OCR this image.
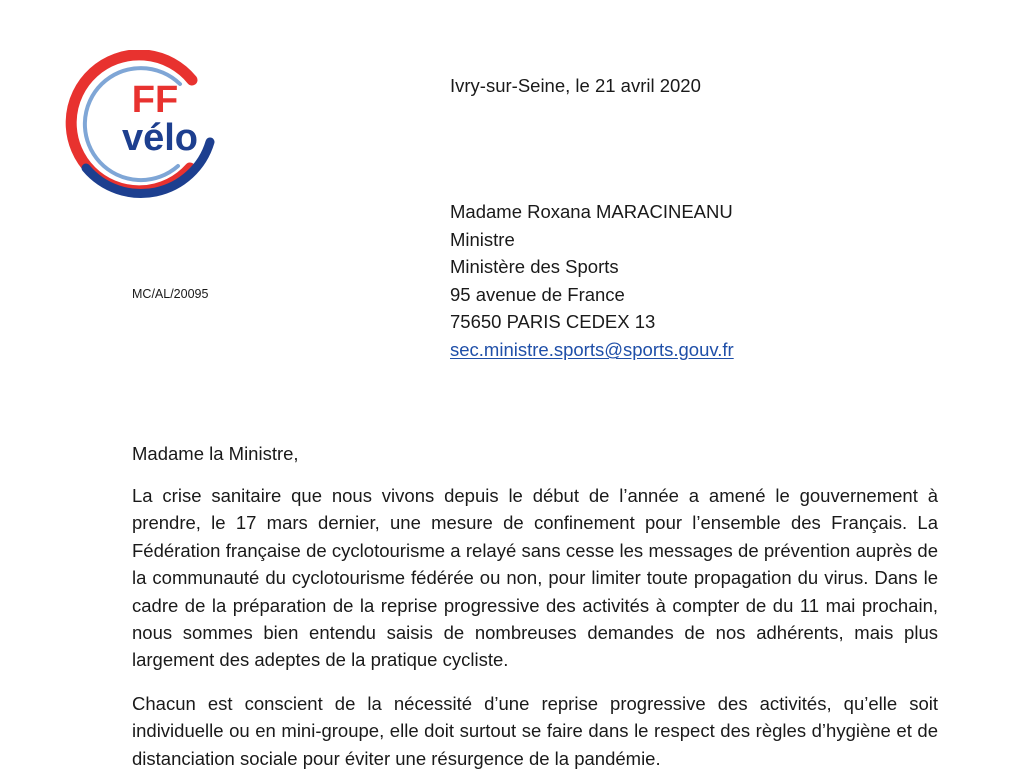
FF
vélo
Ivry-sur-Seine, le 21 avril 2020
Madame Roxana MARACINEANU
Ministre
Ministère des Sports
95 avenue de France
75650 PARIS CEDEX 13
sec.ministre.sports@sports.gouv.fr
MC/AL/20095
Madame la Ministre,

La crise sanitaire que nous vivons depuis le début de l’année a amené le gouvernement à prendre, le 17 mars dernier, une mesure de confinement pour l’ensemble des Français. La Fédération française de cyclotourisme a relayé sans cesse les messages de prévention auprès de la communauté du cyclotourisme fédérée ou non, pour limiter toute propagation du virus. Dans le cadre de la préparation de la reprise progressive des activités à compter de du 11 mai prochain, nous sommes bien entendu saisis de nombreuses demandes de nos adhérents, mais plus largement des adeptes de la pratique cycliste.

Chacun est conscient de la nécessité d’une reprise progressive des activités, qu’elle soit individuelle ou en mini-groupe, elle doit surtout se faire dans le respect des règles d’hygiène et de distanciation sociale pour éviter une résurgence de la pandémie.
